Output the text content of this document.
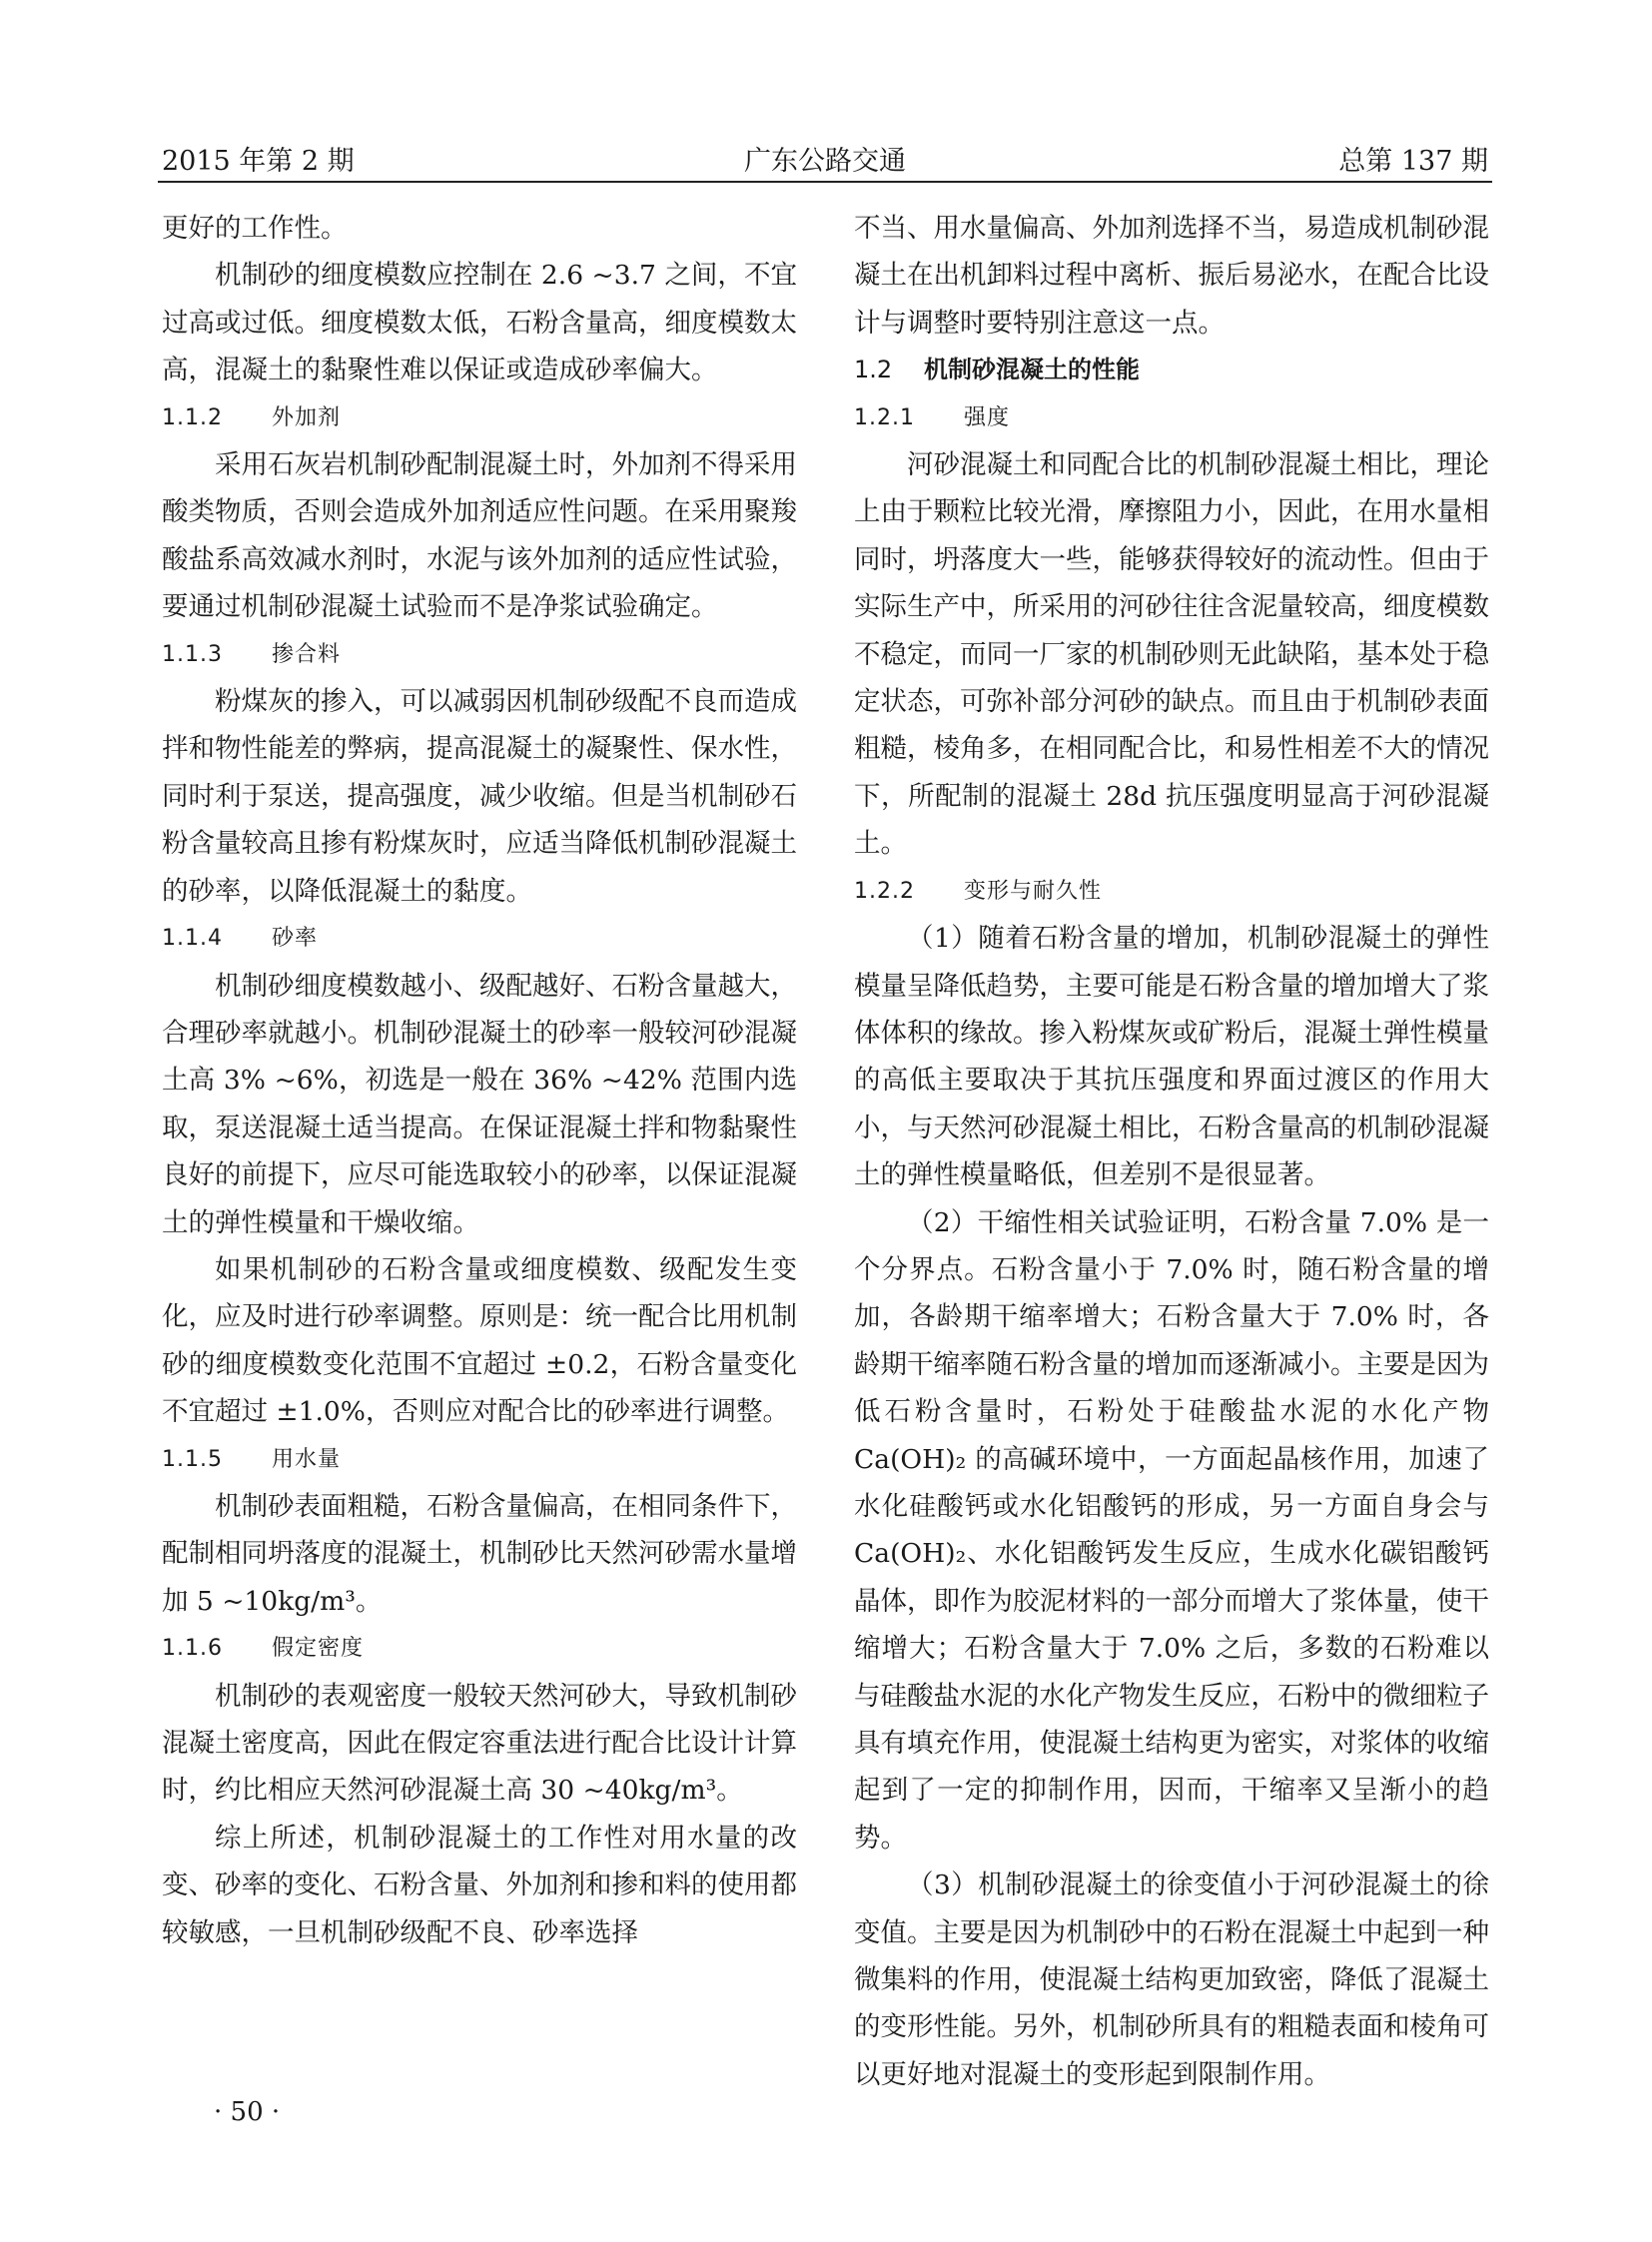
2015 年第 2 期	广东公路交通	总第 137 期

更好的工作性。

机制砂的细度模数应控制在 2.6 ~3.7 之间，不宜过高或过低。细度模数太低，石粉含量高，细度模数太高，混凝土的黏聚性难以保证或造成砂率偏大。

1.1.2 外加剂

采用石灰岩机制砂配制混凝土时，外加剂不得采用酸类物质，否则会造成外加剂适应性问题。在采用聚羧酸盐系高效减水剂时，水泥与该外加剂的适应性试验，要通过机制砂混凝土试验而不是净浆试验确定。

1.1.3 掺合料

粉煤灰的掺入，可以减弱因机制砂级配不良而造成拌和物性能差的弊病，提高混凝土的凝聚性、保水性，同时利于泵送，提高强度，减少收缩。但是当机制砂石粉含量较高且掺有粉煤灰时，应适当降低机制砂混凝土的砂率，以降低混凝土的黏度。

1.1.4 砂率

机制砂细度模数越小、级配越好、石粉含量越大，合理砂率就越小。机制砂混凝土的砂率一般较河砂混凝土高 3% ~6%，初选是一般在 36% ~42% 范围内选取，泵送混凝土适当提高。在保证混凝土拌和物黏聚性良好的前提下，应尽可能选取较小的砂率，以保证混凝土的弹性模量和干燥收缩。

如果机制砂的石粉含量或细度模数、级配发生变化，应及时进行砂率调整。原则是：统一配合比用机制砂的细度模数变化范围不宜超过 ±0.2，石粉含量变化不宜超过 ±1.0%，否则应对配合比的砂率进行调整。

1.1.5 用水量

机制砂表面粗糙，石粉含量偏高，在相同条件下，配制相同坍落度的混凝土，机制砂比天然河砂需水量增加 5 ~10kg/m³。

1.1.6 假定密度

机制砂的表观密度一般较天然河砂大，导致机制砂混凝土密度高，因此在假定容重法进行配合比设计计算时，约比相应天然河砂混凝土高 30 ~40kg/m³。

综上所述，机制砂混凝土的工作性对用水量的改变、砂率的变化、石粉含量、外加剂和掺和料的使用都较敏感，一旦机制砂级配不良、砂率选择

不当、用水量偏高、外加剂选择不当，易造成机制砂混凝土在出机卸料过程中离析、振后易泌水，在配合比设计与调整时要特别注意这一点。

1.2 机制砂混凝土的性能

1.2.1 强度

河砂混凝土和同配合比的机制砂混凝土相比，理论上由于颗粒比较光滑，摩擦阻力小，因此，在用水量相同时，坍落度大一些，能够获得较好的流动性。但由于实际生产中，所采用的河砂往往含泥量较高，细度模数不稳定，而同一厂家的机制砂则无此缺陷，基本处于稳定状态，可弥补部分河砂的缺点。而且由于机制砂表面粗糙，棱角多，在相同配合比，和易性相差不大的情况下，所配制的混凝土 28d 抗压强度明显高于河砂混凝土。

1.2.2 变形与耐久性

（1）随着石粉含量的增加，机制砂混凝土的弹性模量呈降低趋势，主要可能是石粉含量的增加增大了浆体体积的缘故。掺入粉煤灰或矿粉后，混凝土弹性模量的高低主要取决于其抗压强度和界面过渡区的作用大小，与天然河砂混凝土相比，石粉含量高的机制砂混凝土的弹性模量略低，但差别不是很显著。

（2）干缩性相关试验证明，石粉含量 7.0% 是一个分界点。石粉含量小于 7.0% 时，随石粉含量的增加，各龄期干缩率增大；石粉含量大于 7.0% 时，各龄期干缩率随石粉含量的增加而逐渐减小。主要是因为低石粉含量时，石粉处于硅酸盐水泥的水化产物 Ca(OH)₂ 的高碱环境中，一方面起晶核作用，加速了水化硅酸钙或水化铝酸钙的形成，另一方面自身会与 Ca(OH)₂、水化铝酸钙发生反应，生成水化碳铝酸钙晶体，即作为胶泥材料的一部分而增大了浆体量，使干缩增大；石粉含量大于 7.0% 之后，多数的石粉难以与硅酸盐水泥的水化产物发生反应，石粉中的微细粒子具有填充作用，使混凝土结构更为密实，对浆体的收缩起到了一定的抑制作用，因而，干缩率又呈渐小的趋势。

（3）机制砂混凝土的徐变值小于河砂混凝土的徐变值。主要是因为机制砂中的石粉在混凝土中起到一种微集料的作用，使混凝土结构更加致密，降低了混凝土的变形性能。另外，机制砂所具有的粗糙表面和棱角可以更好地对混凝土的变形起到限制作用。

· 50 ·
